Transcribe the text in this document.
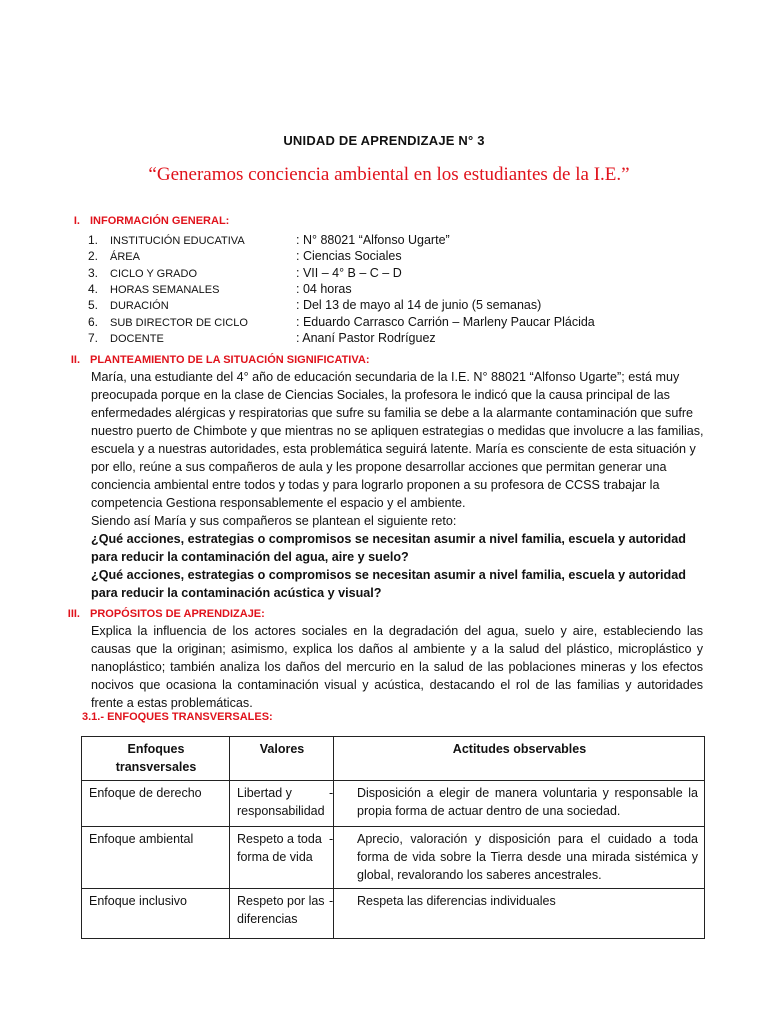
UNIDAD DE APRENDIZAJE N° 3
“Generamos conciencia ambiental en los estudiantes de la I.E.”
I. INFORMACIÓN GENERAL:
1. INSTITUCIÓN EDUCATIVA	: N° 88021 “Alfonso Ugarte”
2. ÁREA	: Ciencias Sociales
3. CICLO Y GRADO	: VII – 4° B – C – D
4. HORAS SEMANALES	: 04 horas
5. DURACIÓN	: Del 13 de mayo al 14 de junio (5 semanas)
6. SUB DIRECTOR DE CICLO	: Eduardo Carrasco Carrión – Marleny Paucar Plácida
7. DOCENTE	: Ananí Pastor Rodríguez
II. PLANTEAMIENTO DE LA SITUACIÓN SIGNIFICATIVA:

María, una estudiante del 4° año de educación secundaria de la I.E. N° 88021 “Alfonso Ugarte”; está muy preocupada porque en la clase de Ciencias Sociales, la profesora le indicó que la causa principal de las enfermedades alérgicas y respiratorias que sufre su familia se debe a la alarmante contaminación que sufre nuestro puerto de Chimbote y que mientras no se apliquen estrategias o medidas que involucre a las familias, escuela y a nuestras autoridades, esta problemática seguirá latente. María es consciente de esta situación y por ello, reúne a sus compañeros de aula y les propone desarrollar acciones que permitan generar una conciencia ambiental entre todos y todas y para lograrlo proponen a su profesora de CCSS trabajar la competencia Gestiona responsablemente el espacio y el ambiente.

Siendo así María y sus compañeros se plantean el siguiente reto:

¿Qué acciones, estrategias o compromisos se necesitan asumir a nivel familia, escuela y autoridad para reducir la contaminación del agua, aire y suelo?

¿Qué acciones, estrategias o compromisos se necesitan asumir a nivel familia, escuela y autoridad para reducir la contaminación acústica y visual?

III. PROPÓSITOS DE APRENDIZAJE:

Explica la influencia de los actores sociales en la degradación del agua, suelo y aire, estableciendo las causas que la originan; asimismo, explica los daños al ambiente y a la salud del plástico, microplástico y nanoplástico; también analiza los daños del mercurio en la salud de las poblaciones mineras y los efectos nocivos que ocasiona la contaminación visual y acústica, destacando el rol de las familias y autoridades frente a estas problemáticas.

3.1.- ENFOQUES TRANSVERSALES:
Enfoques transversales	Valores	Actitudes observables
Enfoque de derecho	Libertad y responsabilidad	- Disposición a elegir de manera voluntaria y responsable la propia forma de actuar dentro de una sociedad.

Enfoque ambiental	Respeto a toda forma de vida	- Aprecio, valoración y disposición para el cuidado a toda forma de vida sobre la Tierra desde una mirada sistémica y global, revalorando los saberes ancestrales.

Enfoque inclusivo	Respeto por las diferencias	- Respeta las diferencias individuales
